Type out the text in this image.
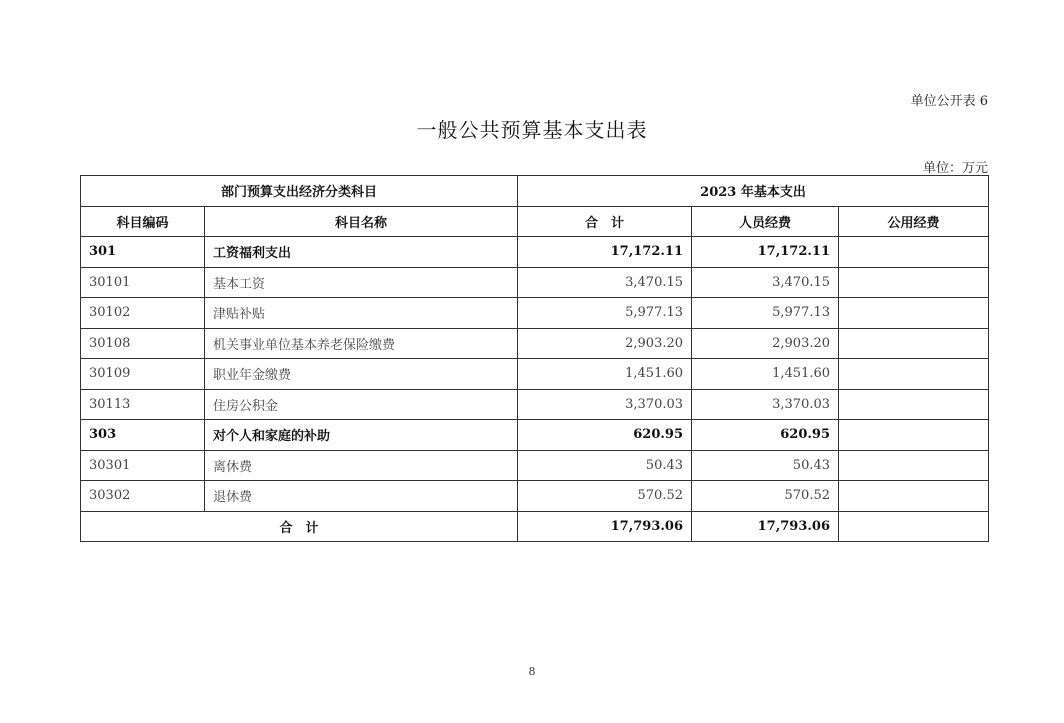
单位公开表 6
一般公共预算基本支出表
单位：万元
部门预算支出经济分类科目		2023 年基本支出		
科目编码	科目名称	合　计	人员经费	公用经费
301	工资福利支出	17,172.11	17,172.11	
30101	基本工资	3,470.15	3,470.15	
30102	津贴补贴	5,977.13	5,977.13	
30108	机关事业单位基本养老保险缴费	2,903.20	2,903.20	
30109	职业年金缴费	1,451.60	1,451.60	
30113	住房公积金	3,370.03	3,370.03	
303	对个人和家庭的补助	620.95	620.95	
30301	离休费	50.43	50.43	
30302	退休费	570.52	570.52	
合　计		17,793.06	17,793.06	
8
